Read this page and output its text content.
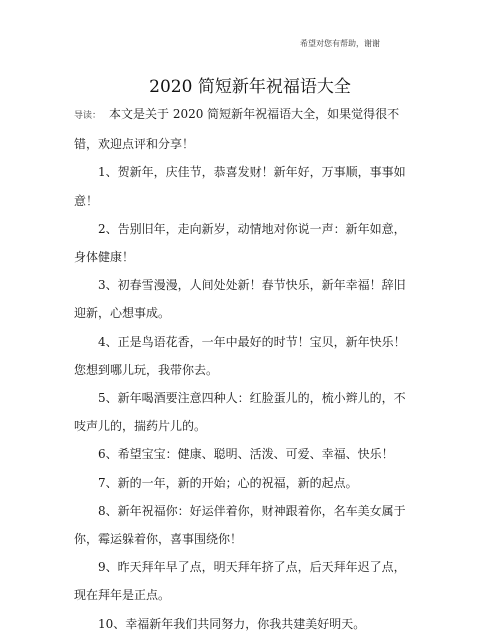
希望对您有帮助，谢谢
2020 简短新年祝福语大全

导读： 本文是关于 2020 简短新年祝福语大全，如果觉得很不错，欢迎点评和分享！

1、贺新年，庆佳节，恭喜发财！新年好，万事顺，事事如意！

2、告别旧年，走向新岁，动情地对你说一声：新年如意，身体健康！

3、初春雪漫漫，人间处处新！春节快乐，新年幸福！辞旧迎新，心想事成。

4、正是鸟语花香，一年中最好的时节！宝贝，新年快乐！您想到哪儿玩，我带你去。

5、新年喝酒要注意四种人：红脸蛋儿的，梳小辫儿的，不吱声儿的，揣药片儿的。

6、希望宝宝：健康、聪明、活泼、可爱、幸福、快乐！

7、新的一年，新的开始；心的祝福，新的起点。

8、新年祝福你：好运伴着你，财神跟着你，名车美女属于你，霉运躲着你，喜事围绕你！

9、昨天拜年早了点，明天拜年挤了点，后天拜年迟了点，现在拜年是正点。

10、幸福新年我们共同努力，你我共建美好明天。
